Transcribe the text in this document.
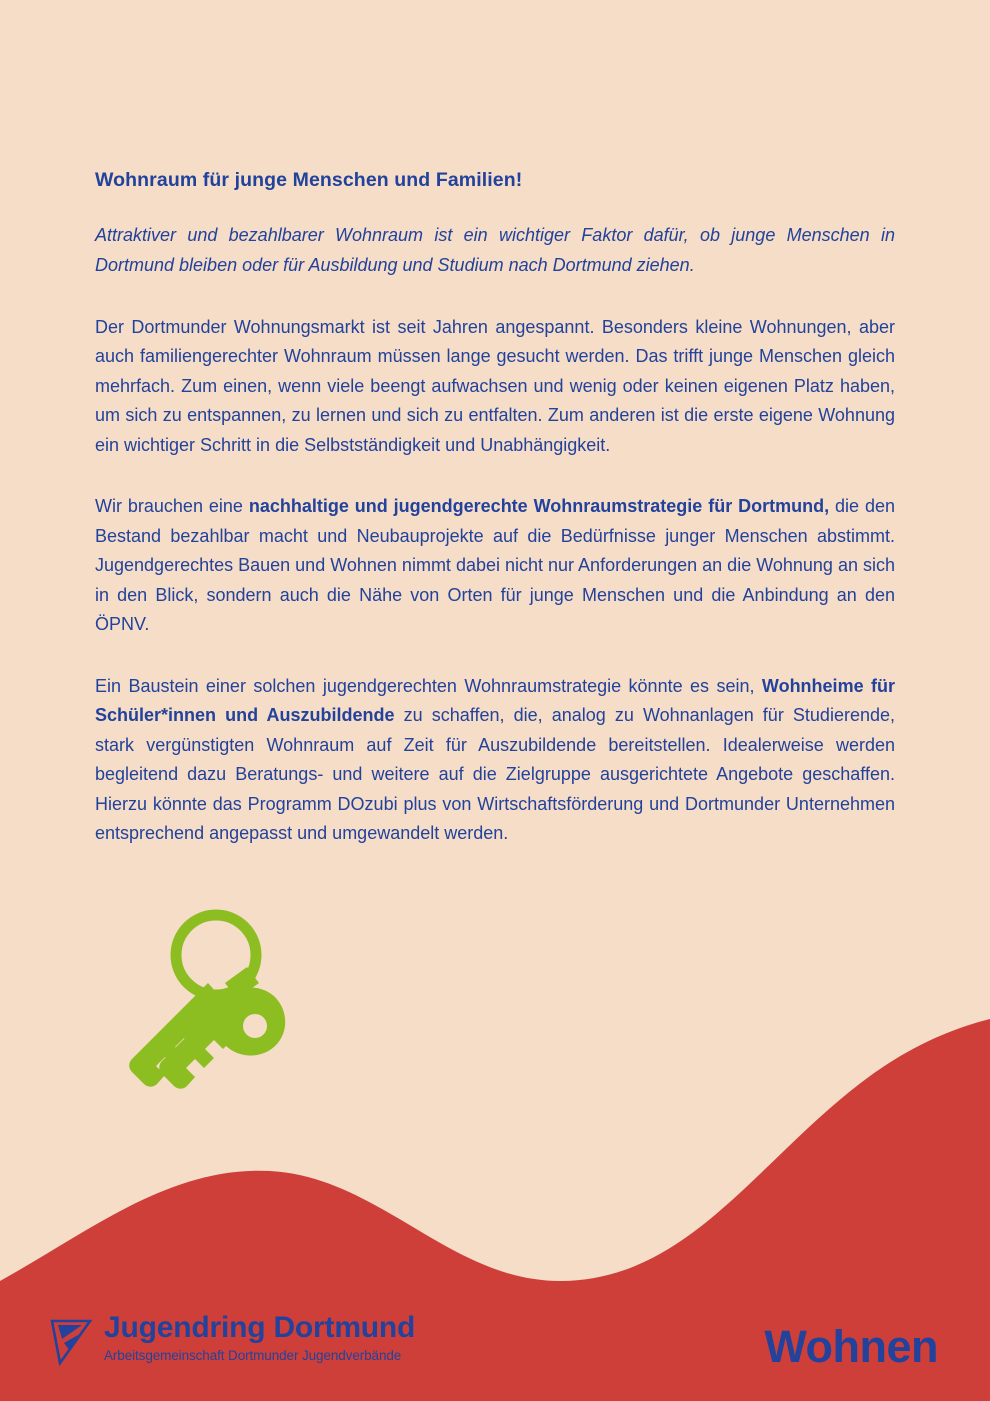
Wohnraum für junge Menschen und Familien!

Attraktiver und bezahlbarer Wohnraum ist ein wichtiger Faktor dafür, ob junge Menschen in Dortmund bleiben oder für Ausbildung und Studium nach Dortmund ziehen.

Der Dortmunder Wohnungsmarkt ist seit Jahren angespannt. Besonders kleine Wohnungen, aber auch familiengerechter Wohnraum müssen lange gesucht werden. Das trifft junge Menschen gleich mehrfach. Zum einen, wenn viele beengt aufwachsen und wenig oder keinen eigenen Platz haben, um sich zu entspannen, zu lernen und sich zu entfalten. Zum anderen ist die erste eigene Wohnung ein wichtiger Schritt in die Selbstständigkeit und Unabhängigkeit.

Wir brauchen eine nachhaltige und jugendgerechte Wohnraumstrategie für Dortmund, die den Bestand bezahlbar macht und Neubauprojekte auf die Bedürfnisse junger Menschen abstimmt. Jugendgerechtes Bauen und Wohnen nimmt dabei nicht nur Anforderungen an die Wohnung an sich in den Blick, sondern auch die Nähe von Orten für junge Menschen und die Anbindung an den ÖPNV.

Ein Baustein einer solchen jugendgerechten Wohnraumstrategie könnte es sein, Wohnheime für Schüler*innen und Auszubildende zu schaffen, die, analog zu Wohnanlagen für Studierende, stark vergünstigten Wohnraum auf Zeit für Auszubildende bereitstellen. Idealerweise werden begleitend dazu Beratungs- und weitere auf die Zielgruppe ausgerichtete Angebote geschaffen. Hierzu könnte das Programm DOzubi plus von Wirtschaftsförderung und Dortmunder Unternehmen entsprechend angepasst und umgewandelt werden.

Jugendring Dortmund
Arbeitsgemeinschaft Dortmunder Jugendverbände	Wohnen
